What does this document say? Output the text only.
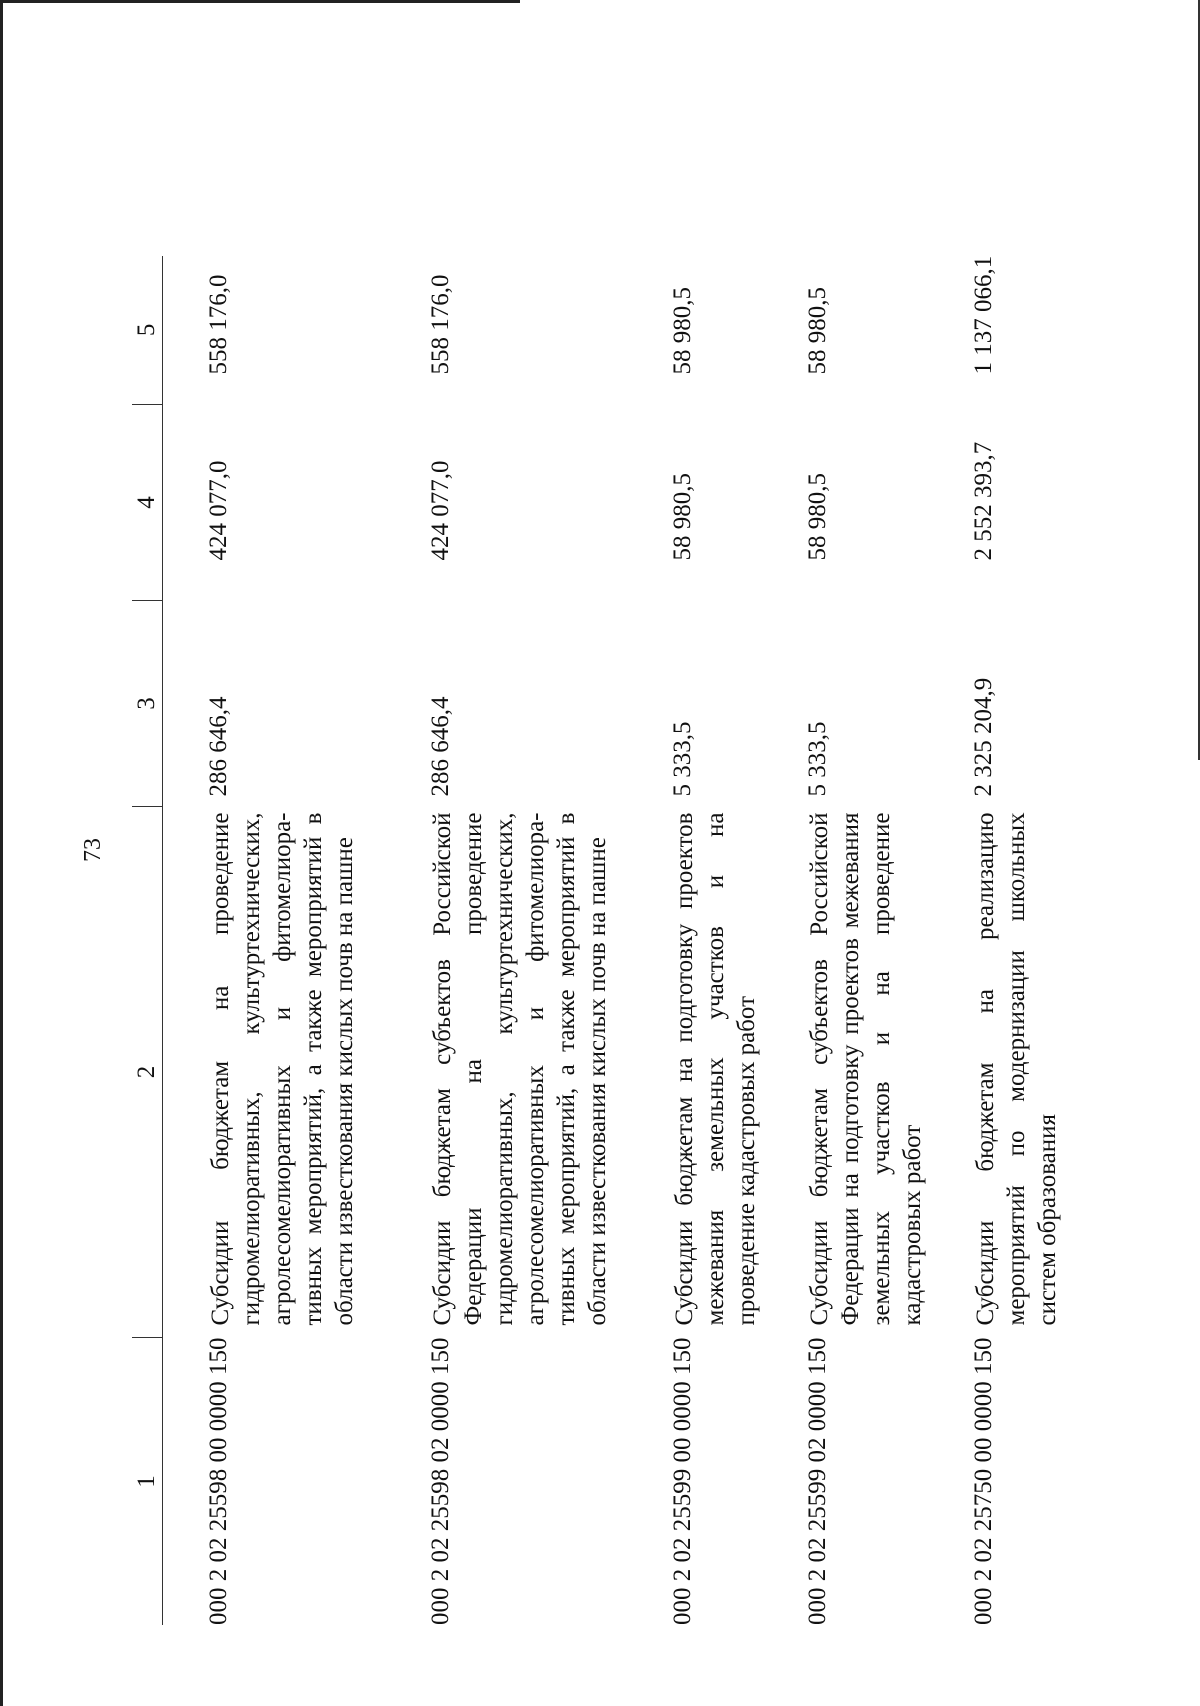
73
1	2	3	4	5
000 2 02 25598 00 0000 150	Субсидии бюджетам на проведение гидромелиоративных, культуртехнических, агролесомелиоративных и фитомелиора-тивных мероприятий, а также мероприятий в области известкования кислых почв на пашне	286 646,4	424 077,0	558 176,0
000 2 02 25598 02 0000 150	Субсидии бюджетам субъектов Российской Федерации на проведение гидромелиоративных, культуртехнических, агролесомелиоративных и фитомелиора-тивных мероприятий, а также мероприятий в области известкования кислых почв на пашне	286 646,4	424 077,0	558 176,0
000 2 02 25599 00 0000 150	Субсидии бюджетам на подготовку проектов межевания земельных участков и на проведение кадастровых работ	5 333,5	58 980,5	58 980,5
000 2 02 25599 02 0000 150	Субсидии бюджетам субъектов Российской Федерации на подготовку проектов межевания земельных участков и на проведение кадастровых работ	5 333,5	58 980,5	58 980,5
000 2 02 25750 00 0000 150	Субсидии бюджетам на реализацию мероприятий по модернизации школьных систем образования	2 325 204,9	2 552 393,7	1 137 066,1
